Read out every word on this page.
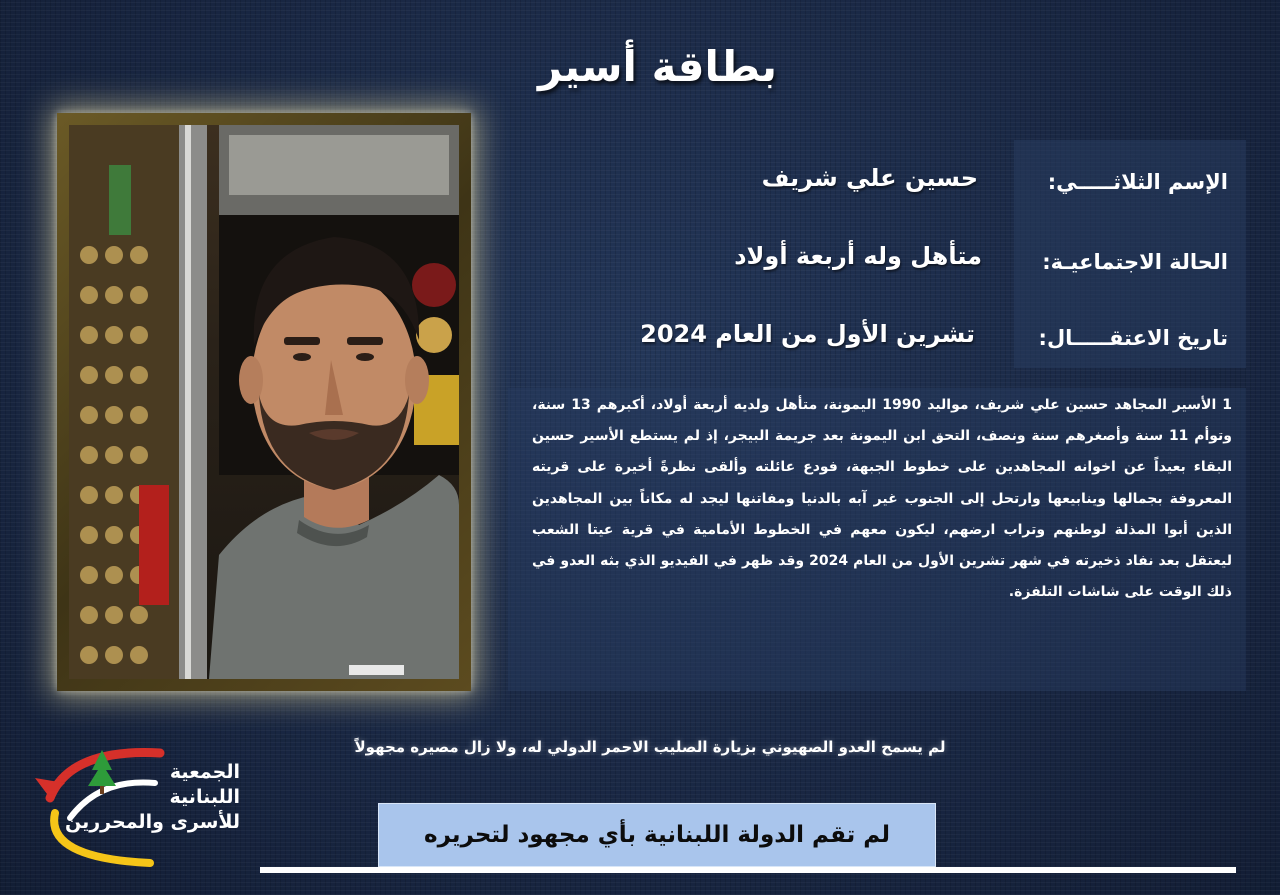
بطاقة أسير
الإسم الثلاثـــــي:
حسين علي شريف
الحالة الاجتماعيـة:
متأهل وله أربعة أولاد
تاريخ الاعتقـــــال:
تشرين الأول من العام 2024
1 الأسير المجاهد حسين علي شريف، مواليد 1990 اليمونة، متأهل ولديه أربعة أولاد، أكبرهم 13 سنة، وتوأم 11 سنة وأصغرهم سنة ونصف، التحق ابن اليمونة بعد جريمة البيجر، إذ لم يستطع الأسير حسين البقاء بعيداً عن اخوانه المجاهدين على خطوط الجبهة، فودع عائلته وألقى نظرةً أخيرة على قريته المعروفة بجمالها وينابيعها وارتحل إلى الجنوب غير آبه بالدنيا ومفاتنها ليجد له مكاناً بين المجاهدين الذين أبوا المذلة لوطنهم وتراب ارضهم، ليكون معهم في الخطوط الأمامية في قرية عيتا الشعب ليعتقل بعد نفاد ذخيرته في شهر تشرين الأول من العام 2024 وقد ظهر في الفيديو الذي بثه العدو في ذلك الوقت على شاشات التلفزة.
لم يسمح العدو الصهيوني بزيارة الصليب الاحمر الدولي له، ولا زال مصيره مجهولاً
لم تقم الدولة اللبنانية بأي مجهود لتحريره
الجمعية
اللبنانية
للأسرى والمحررين
